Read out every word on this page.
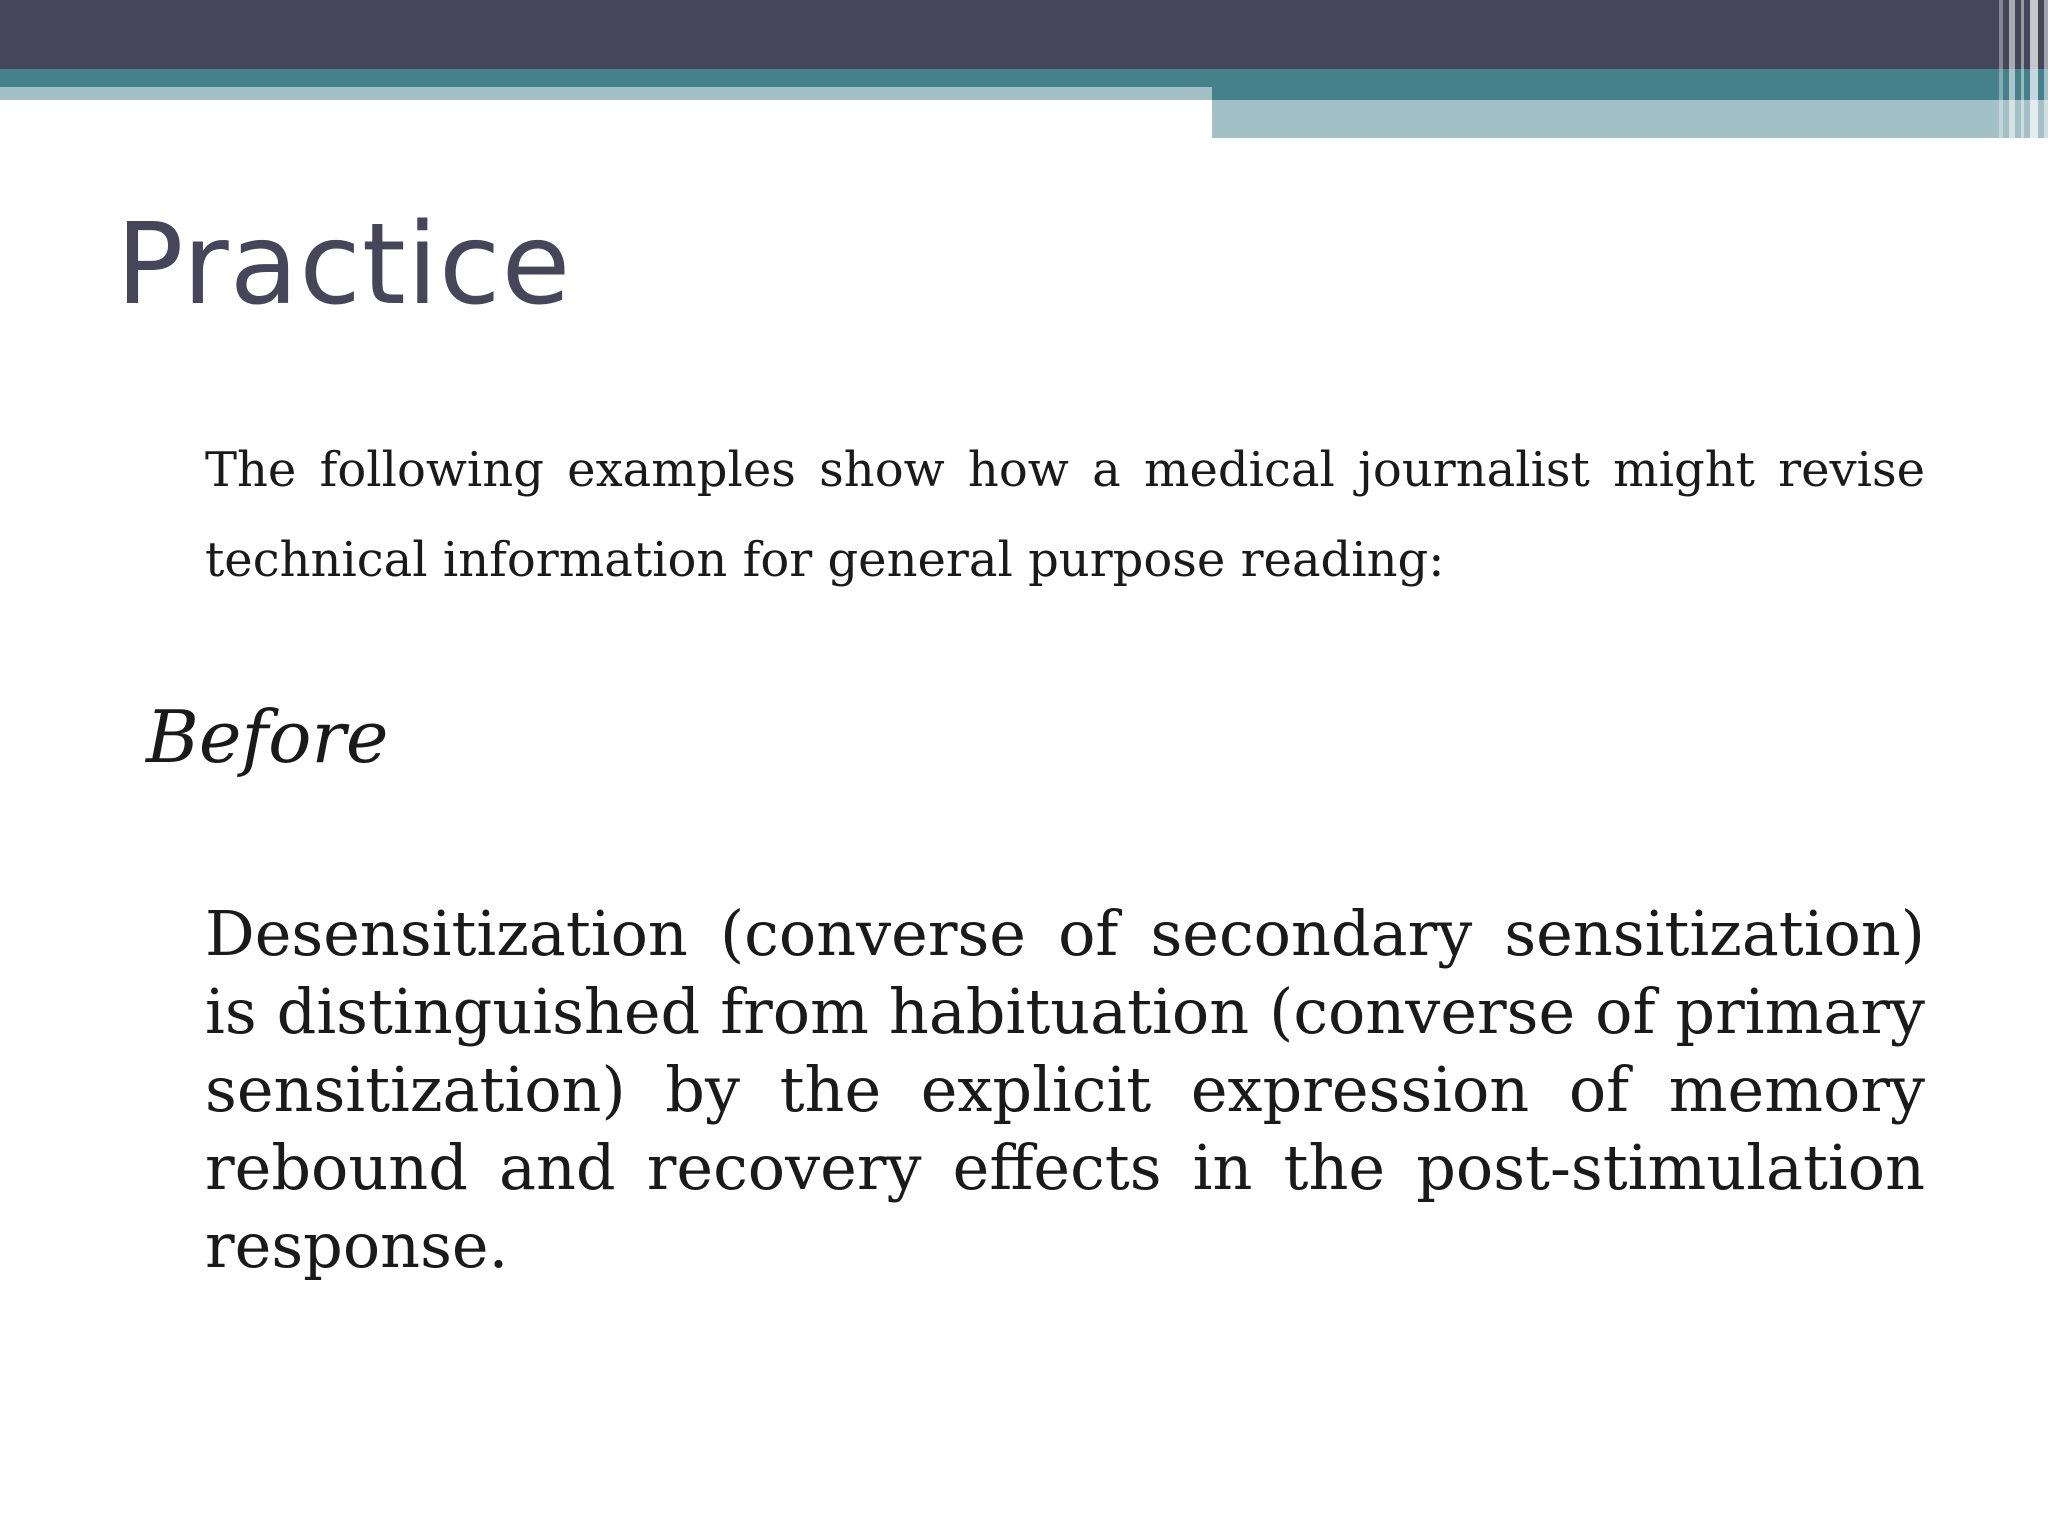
Practice

The following examples show how a medical journalist might revise technical information for general purpose reading:

Before

Desensitization (converse of secondary sensitization) is distinguished from habituation (converse of primary sensitization) by the explicit expression of memory rebound and recovery effects in the post-stimulation response.
